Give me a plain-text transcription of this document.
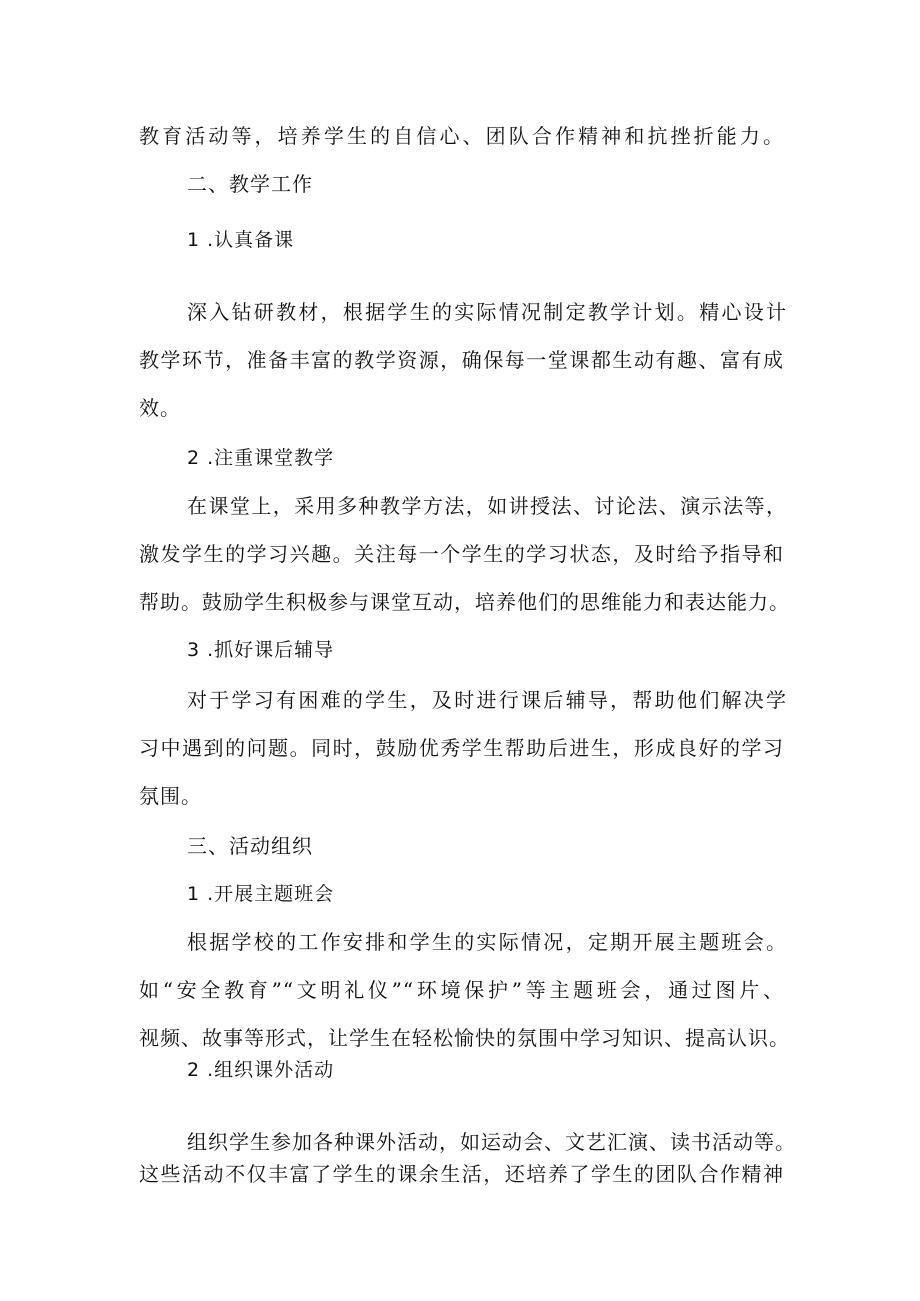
教育活动等，培养学生的自信心、团队合作精神和抗挫折能力。
二、教学工作
1 .认真备课
深入钻研教材，根据学生的实际情况制定教学计划。精心设计
教学环节，准备丰富的教学资源，确保每一堂课都生动有趣、富有成
效。
2 .注重课堂教学
在课堂上，采用多种教学方法，如讲授法、讨论法、演示法等，
激发学生的学习兴趣。关注每一个学生的学习状态，及时给予指导和
帮助。鼓励学生积极参与课堂互动，培养他们的思维能力和表达能力。
3 .抓好课后辅导
对于学习有困难的学生，及时进行课后辅导，帮助他们解决学
习中遇到的问题。同时，鼓励优秀学生帮助后进生，形成良好的学习
氛围。
三、活动组织
1 .开展主题班会
根据学校的工作安排和学生的实际情况，定期开展主题班会。
如“安全教育”“文明礼仪”“环境保护”等主题班会，通过图片、
视频、故事等形式，让学生在轻松愉快的氛围中学习知识、提高认识。
2 .组织课外活动
组织学生参加各种课外活动，如运动会、文艺汇演、读书活动等。
这些活动不仅丰富了学生的课余生活，还培养了学生的团队合作精神
